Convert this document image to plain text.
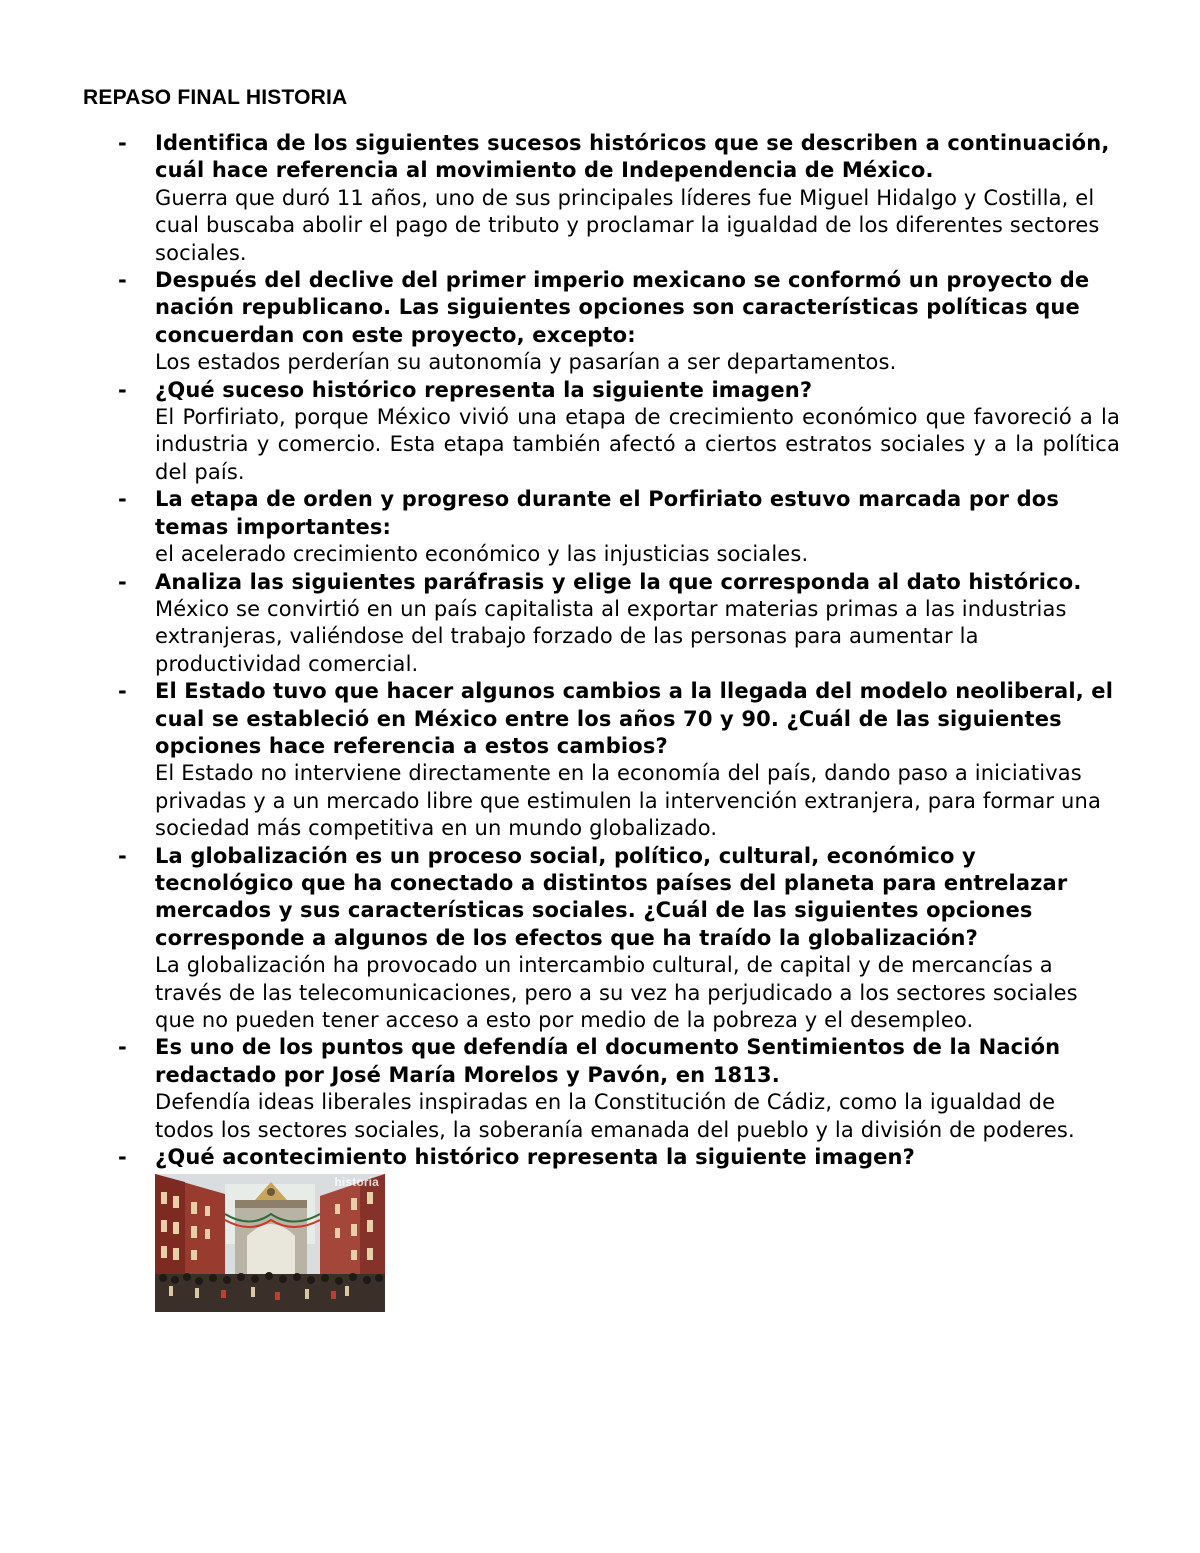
REPASO FINAL HISTORIA
- Identifica de los siguientes sucesos históricos que se describen a continuación, cuál hace referencia al movimiento de Independencia de México.

Guerra que duró 11 años, uno de sus principales líderes fue Miguel Hidalgo y Costilla, el cual buscaba abolir el pago de tributo y proclamar la igualdad de los diferentes sectores sociales.

- Después del declive del primer imperio mexicano se conformó un proyecto de nación republicano. Las siguientes opciones son características políticas que concuerdan con este proyecto, excepto:

Los estados perderían su autonomía y pasarían a ser departamentos.

- ¿Qué suceso histórico representa la siguiente imagen?

El Porfiriato, porque México vivió una etapa de crecimiento económico que favoreció a la industria y comercio. Esta etapa también afectó a ciertos estratos sociales y a la política del país.

- La etapa de orden y progreso durante el Porfiriato estuvo marcada por dos temas importantes:

el acelerado crecimiento económico y las injusticias sociales.

- Analiza las siguientes paráfrasis y elige la que corresponda al dato histórico.

México se convirtió en un país capitalista al exportar materias primas a las industrias extranjeras, valiéndose del trabajo forzado de las personas para aumentar la productividad comercial.

- El Estado tuvo que hacer algunos cambios a la llegada del modelo neoliberal, el cual se estableció en México entre los años 70 y 90. ¿Cuál de las siguientes opciones hace referencia a estos cambios?

El Estado no interviene directamente en la economía del país, dando paso a iniciativas privadas y a un mercado libre que estimulen la intervención extranjera, para formar una sociedad más competitiva en un mundo globalizado.

- La globalización es un proceso social, político, cultural, económico y tecnológico que ha conectado a distintos países del planeta para entrelazar mercados y sus características sociales. ¿Cuál de las siguientes opciones corresponde a algunos de los efectos que ha traído la globalización?

La globalización ha provocado un intercambio cultural, de capital y de mercancías a través de las telecomunicaciones, pero a su vez ha perjudicado a los sectores sociales que no pueden tener acceso a esto por medio de la pobreza y el desempleo.

- Es uno de los puntos que defendía el documento Sentimientos de la Nación redactado por José María Morelos y Pavón, en 1813.

Defendía ideas liberales inspiradas en la Constitución de Cádiz, como la igualdad de todos los sectores sociales, la soberanía emanada del pueblo y la división de poderes.

- ¿Qué acontecimiento histórico representa la siguiente imagen?

historia
